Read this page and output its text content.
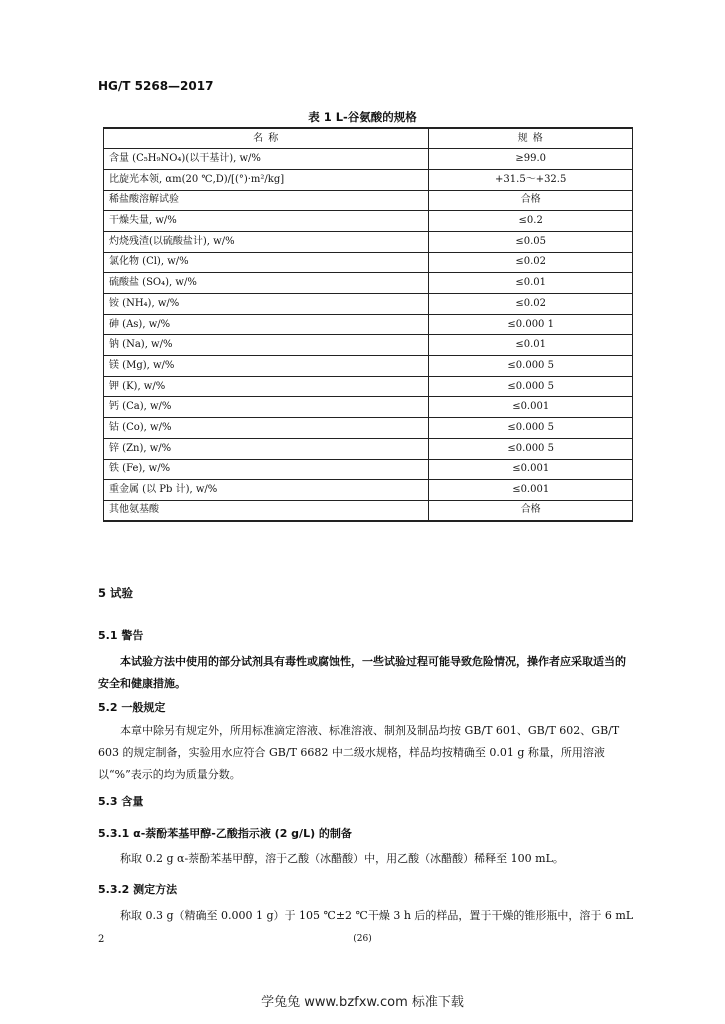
HG/T 5268—2017
表 1 L-谷氨酸的规格
名 称	规 格
含量 (C₅H₉NO₄)(以干基计), w/%	≥99.0
比旋光本领, αm(20 ℃,D)/[(°)·m²/kg]	+31.5～+32.5
稀盐酸溶解试验	合格
干燥失量, w/%	≤0.2
灼烧残渣(以硫酸盐计), w/%	≤0.05
氯化物 (Cl), w/%	≤0.02
硫酸盐 (SO₄), w/%	≤0.01
铵 (NH₄), w/%	≤0.02
砷 (As), w/%	≤0.000 1
钠 (Na), w/%	≤0.01
镁 (Mg), w/%	≤0.000 5
钾 (K), w/%	≤0.000 5
钙 (Ca), w/%	≤0.001
钴 (Co), w/%	≤0.000 5
锌 (Zn), w/%	≤0.000 5
铁 (Fe), w/%	≤0.001
重金属 (以 Pb 计), w/%	≤0.001
其他氨基酸	合格
5 试验
5.1 警告
本试验方法中使用的部分试剂具有毒性或腐蚀性，一些试验过程可能导致危险情况，操作者应采取适当的安全和健康措施。
5.2 一般规定
本章中除另有规定外，所用标准滴定溶液、标准溶液、制剂及制品均按 GB/T 601、GB/T 602、GB/T 603 的规定制备，实验用水应符合 GB/T 6682 中二级水规格，样品均按精确至 0.01 g 称量，所用溶液以“%”表示的均为质量分数。
5.3 含量
5.3.1 α-萘酚苯基甲醇-乙酸指示液 (2 g/L) 的制备
称取 0.2 g α-萘酚苯基甲醇，溶于乙酸（冰醋酸）中，用乙酸（冰醋酸）稀释至 100 mL。
5.3.2 测定方法
称取 0.3 g（精确至 0.000 1 g）于 105 ℃±2 ℃干燥 3 h 后的样品，置于干燥的锥形瓶中，溶于 6 mL
2	(26)
学兔兔 www.bzfxw.com 标准下载
